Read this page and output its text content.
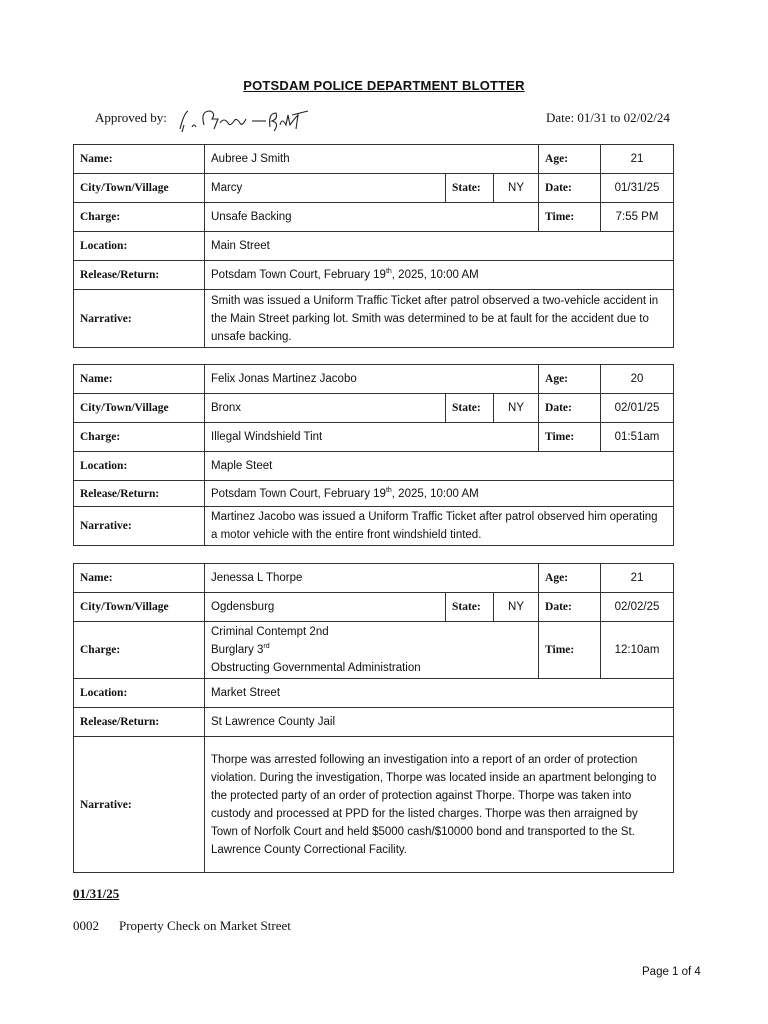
POTSDAM POLICE DEPARTMENT BLOTTER
Approved by:	Date: 01/31 to 02/02/24
Name:	Aubree J Smith			Age:	21
City/Town/Village	Marcy	State:	NY	Date:	01/31/25
Charge:	Unsafe Backing			Time:	7:55 PM
Location:	Main Street				
Release/Return:	Potsdam Town Court, February 19th, 2025, 10:00 AM				
Narrative:	Smith was issued a Uniform Traffic Ticket after patrol observed a two-vehicle accident in the Main Street parking lot. Smith was determined to be at fault for the accident due to unsafe backing.				
Name:	Felix Jonas Martinez Jacobo			Age:	20
City/Town/Village	Bronx	State:	NY	Date:	02/01/25
Charge:	Illegal Windshield Tint			Time:	01:51am
Location:	Maple Steet				
Release/Return:	Potsdam Town Court, February 19th, 2025, 10:00 AM				
Narrative:	Martinez Jacobo was issued a Uniform Traffic Ticket after patrol observed him operating a motor vehicle with the entire front windshield tinted.				
Name:	Jenessa L Thorpe			Age:	21
City/Town/Village	Ogdensburg	State:	NY	Date:	02/02/25
Charge:	Criminal Contempt 2nd
Burglary 3rd
Obstructing Governmental Administration			Time:	12:10am
Location:	Market Street				
Release/Return:	St Lawrence County Jail				
Narrative:	Thorpe was arrested following an investigation into a report of an order of protection violation. During the investigation, Thorpe was located inside an apartment belonging to the protected party of an order of protection against Thorpe. Thorpe was taken into custody and processed at PPD for the listed charges. Thorpe was then arraigned by Town of Norfolk Court and held $5000 cash/$10000 bond and transported to the St. Lawrence County Correctional Facility.				
01/31/25
0002 Property Check on Market Street
Page 1 of 4
